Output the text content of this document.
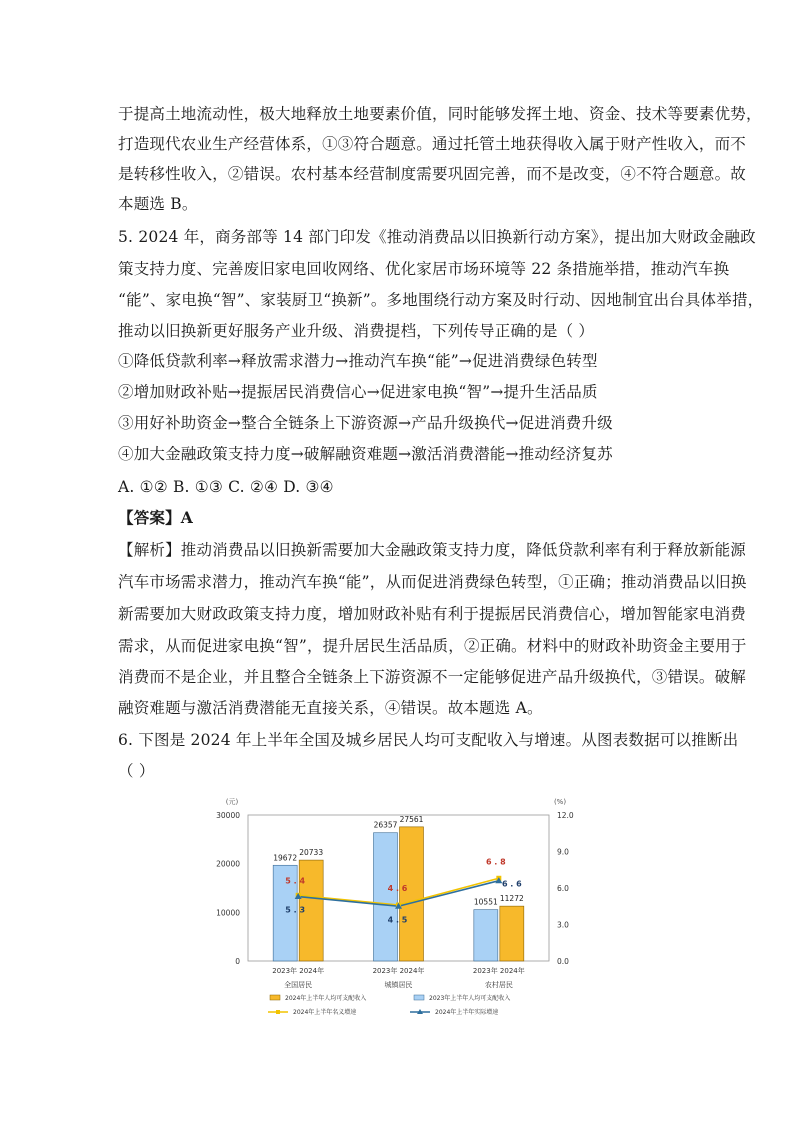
于提高土地流动性，极大地释放土地要素价值，同时能够发挥土地、资金、技术等要素优势，
打造现代农业生产经营体系，①③符合题意。通过托管土地获得收入属于财产性收入，而不
是转移性收入，②错误。农村基本经营制度需要巩固完善，而不是改变，④不符合题意。故
本题选 B。
5. 2024 年，商务部等 14 部门印发《推动消费品以旧换新行动方案》，提出加大财政金融政
策支持力度、完善废旧家电回收网络、优化家居市场环境等 22 条措施举措，推动汽车换
“能”、家电换“智”、家装厨卫“换新”。多地围绕行动方案及时行动、因地制宜出台具体举措，
推动以旧换新更好服务产业升级、消费提档，下列传导正确的是（ ）
①降低贷款利率→释放需求潜力→推动汽车换“能”→促进消费绿色转型
②增加财政补贴→提振居民消费信心→促进家电换“智”→提升生活品质
③用好补助资金→整合全链条上下游资源→产品升级换代→促进消费升级
④加大金融政策支持力度→破解融资难题→激活消费潜能→推动经济复苏
A. ①② B. ①③ C. ②④ D. ③④
【答案】A
【解析】推动消费品以旧换新需要加大金融政策支持力度，降低贷款利率有利于释放新能源
汽车市场需求潜力，推动汽车换“能”，从而促进消费绿色转型，①正确；推动消费品以旧换
新需要加大财政政策支持力度，增加财政补贴有利于提振居民消费信心，增加智能家电消费
需求，从而促进家电换“智”，提升居民生活品质，②正确。材料中的财政补助资金主要用于
消费而不是企业，并且整合全链条上下游资源不一定能够促进产品升级换代，③错误。破解
融资难题与激活消费潜能无直接关系，④错误。故本题选 A。
6. 下图是 2024 年上半年全国及城乡居民人均可支配收入与增速。从图表数据可以推断出
（ ）
(元)	(%)
30000
20000
10000
0
12.0
9.0
6.0
3.0
0.0
19672
20733
2023年 2024年
全国居民
26357
27561
2023年 2024年
城镇居民
10551 11272
2023年 2024年
农村居民
5 . 4
4 . 6
6 . 8
5 . 3
4 . 5
6 . 6
2024年上半年人均可支配收入	2023年上半年人均可支配收入
2024年上半年名义增速	2024年上半年实际增速
